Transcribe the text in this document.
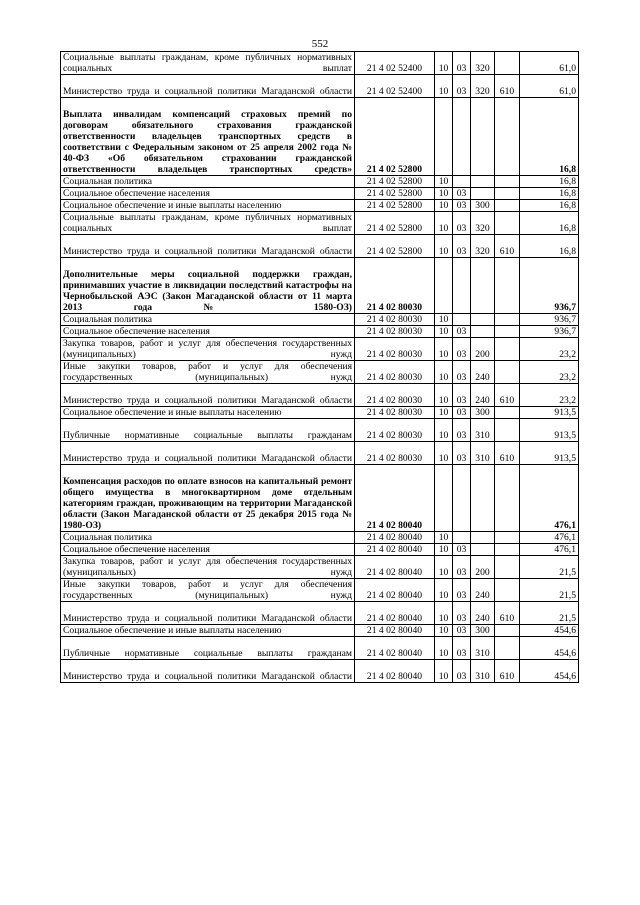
552
Социальные выплаты гражданам, кроме публичных нормативных социальных выплат	21 4 02 52400	10	03	320		61,0
Министерство труда и социальной политики Магаданской области	21 4 02 52400	10	03	320	610	61,0
Выплата инвалидам компенсаций страховых премий по договорам обязательного страхования гражданской ответственности владельцев транспортных средств в соответствии с Федеральным законом от 25 апреля 2002 года № 40-ФЗ «Об обязательном страховании гражданской ответственности владельцев транспортных средств»	21 4 02 52800					16,8
Социальная политика	21 4 02 52800	10				16,8
Социальное обеспечение населения	21 4 02 52800	10	03			16,8
Социальное обеспечение и иные выплаты населению	21 4 02 52800	10	03	300		16,8
Социальные выплаты гражданам, кроме публичных нормативных социальных выплат	21 4 02 52800	10	03	320		16,8
Министерство труда и социальной политики Магаданской области	21 4 02 52800	10	03	320	610	16,8
Дополнительные меры социальной поддержки граждан, принимавших участие в ликвидации последствий катастрофы на Чернобыльской АЭС (Закон Магаданской области от 11 марта 2013 года № 1580-ОЗ)	21 4 02 80030					936,7
Социальная политика	21 4 02 80030	10				936,7
Социальное обеспечение населения	21 4 02 80030	10	03			936,7
Закупка товаров, работ и услуг для обеспечения государственных (муниципальных) нужд	21 4 02 80030	10	03	200		23,2
Иные закупки товаров, работ и услуг для обеспечения государственных (муниципальных) нужд	21 4 02 80030	10	03	240		23,2
Министерство труда и социальной политики Магаданской области	21 4 02 80030	10	03	240	610	23,2
Социальное обеспечение и иные выплаты населению	21 4 02 80030	10	03	300		913,5
Публичные нормативные социальные выплаты гражданам	21 4 02 80030	10	03	310		913,5
Министерство труда и социальной политики Магаданской области	21 4 02 80030	10	03	310	610	913,5
Компенсация расходов по оплате взносов на капитальный ремонт общего имущества в многоквартирном доме отдельным категориям граждан, проживающим на территории Магаданской области (Закон Магаданской области от 25 декабря 2015 года № 1980-ОЗ)	21 4 02 80040					476,1
Социальная политика	21 4 02 80040	10				476,1
Социальное обеспечение населения	21 4 02 80040	10	03			476,1
Закупка товаров, работ и услуг для обеспечения государственных (муниципальных) нужд	21 4 02 80040	10	03	200		21,5
Иные закупки товаров, работ и услуг для обеспечения государственных (муниципальных) нужд	21 4 02 80040	10	03	240		21,5
Министерство труда и социальной политики Магаданской области	21 4 02 80040	10	03	240	610	21,5
Социальное обеспечение и иные выплаты населению	21 4 02 80040	10	03	300		454,6
Публичные нормативные социальные выплаты гражданам	21 4 02 80040	10	03	310		454,6
Министерство труда и социальной политики Магаданской области	21 4 02 80040	10	03	310	610	454,6
